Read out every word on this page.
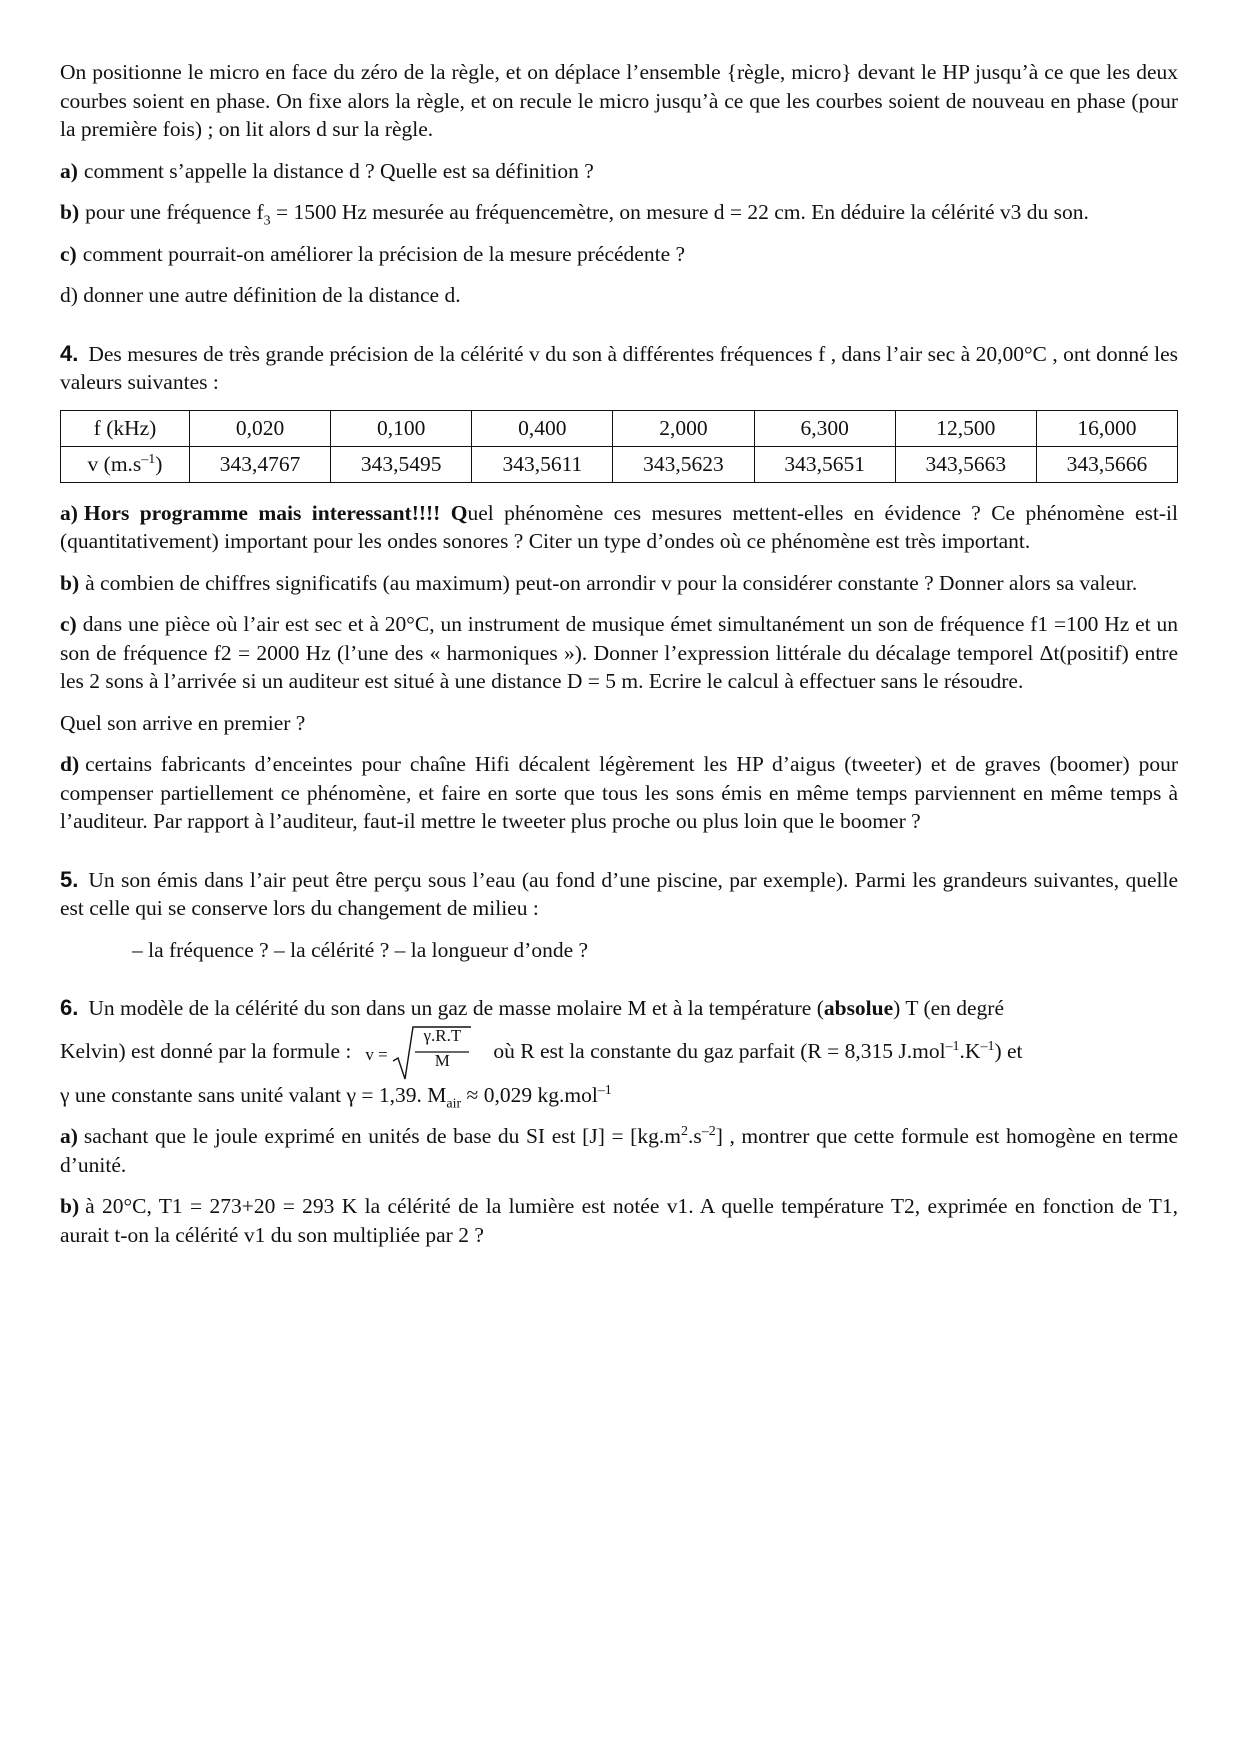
On positionne le micro en face du zéro de la règle, et on déplace l’ensemble {règle, micro} devant le HP jusqu’à ce que les deux courbes soient en phase. On fixe alors la règle, et on recule le micro jusqu’à ce que les courbes soient de nouveau en phase (pour la première fois) ; on lit alors d sur la règle.

a) comment s’appelle la distance d ? Quelle est sa définition ?

b) pour une fréquence $f_3 = 1500$ Hz mesurée au fréquencemètre, on mesure d = 22 cm. En déduire la célérité v3 du son.

c) comment pourrait-on améliorer la précision de la mesure précédente ?

d) donner une autre définition de la distance d.

4. Des mesures de très grande précision de la célérité v du son à différentes fréquences f , dans l’air sec à 20,00°C , ont donné les valeurs suivantes :

f (kHz)	0,020	0,100	0,400	2,000	6,300	12,500	16,000
v $(m.s^{-1})$	343,4767	343,5495	343,5611	343,5623	343,5651	343,5663	343,5666

a) Hors programme mais interessant!!!! Quel phénomène ces mesures mettent-elles en évidence ? Ce phénomène est-il (quantitativement) important pour les ondes sonores ? Citer un type d’ondes où ce phénomène est très important.

b) à combien de chiffres significatifs (au maximum) peut-on arrondir v pour la considérer constante ? Donner alors sa valeur.

c) dans une pièce où l’air est sec et à 20°C, un instrument de musique émet simultanément un son de fréquence f1 =100 Hz et un son de fréquence f2 = 2000 Hz (l’une des « harmoniques »). Donner l’expression littérale du décalage temporel Δt(positif) entre les 2 sons à l’arrivée si un auditeur est situé à une distance D = 5 m. Ecrire le calcul à effectuer sans le résoudre.

Quel son arrive en premier ?

d) certains fabricants d’enceintes pour chaîne Hifi décalent légèrement les HP d’aigus (tweeter) et de graves (boomer) pour compenser partiellement ce phénomène, et faire en sorte que tous les sons émis en même temps parviennent en même temps à l’auditeur. Par rapport à l’auditeur, faut-il mettre le tweeter plus proche ou plus loin que le boomer ?

5. Un son émis dans l’air peut être perçu sous l’eau (au fond d’une piscine, par exemple). Parmi les grandeurs suivantes, quelle est celle qui se conserve lors du changement de milieu :

– la fréquence ? – la célérité ? – la longueur d’onde ?

6. Un modèle de la célérité du son dans un gaz de masse molaire M et à la température (absolue) T (en degré

Kelvin) est donné par la formule : v =
γ.R.T
M	où R est la constante du gaz parfait (R = 8,315 $J.mol^{-1}.K^{-1}$) et

γ une constante sans unité valant γ = 1,39. $M_{air} \approx 0,029$ kg.mol$^{-1}$

a) sachant que le joule exprimé en unités de base du SI est $[J] = [kg.m^2.s^{-2}]$ , montrer que cette formule est homogène en terme d’unité.

b) à 20°C, T1 = 273+20 = 293 K la célérité de la lumière est notée v1. A quelle température T2, exprimée en fonction de T1, aurait t-on la célérité v1 du son multipliée par 2 ?
